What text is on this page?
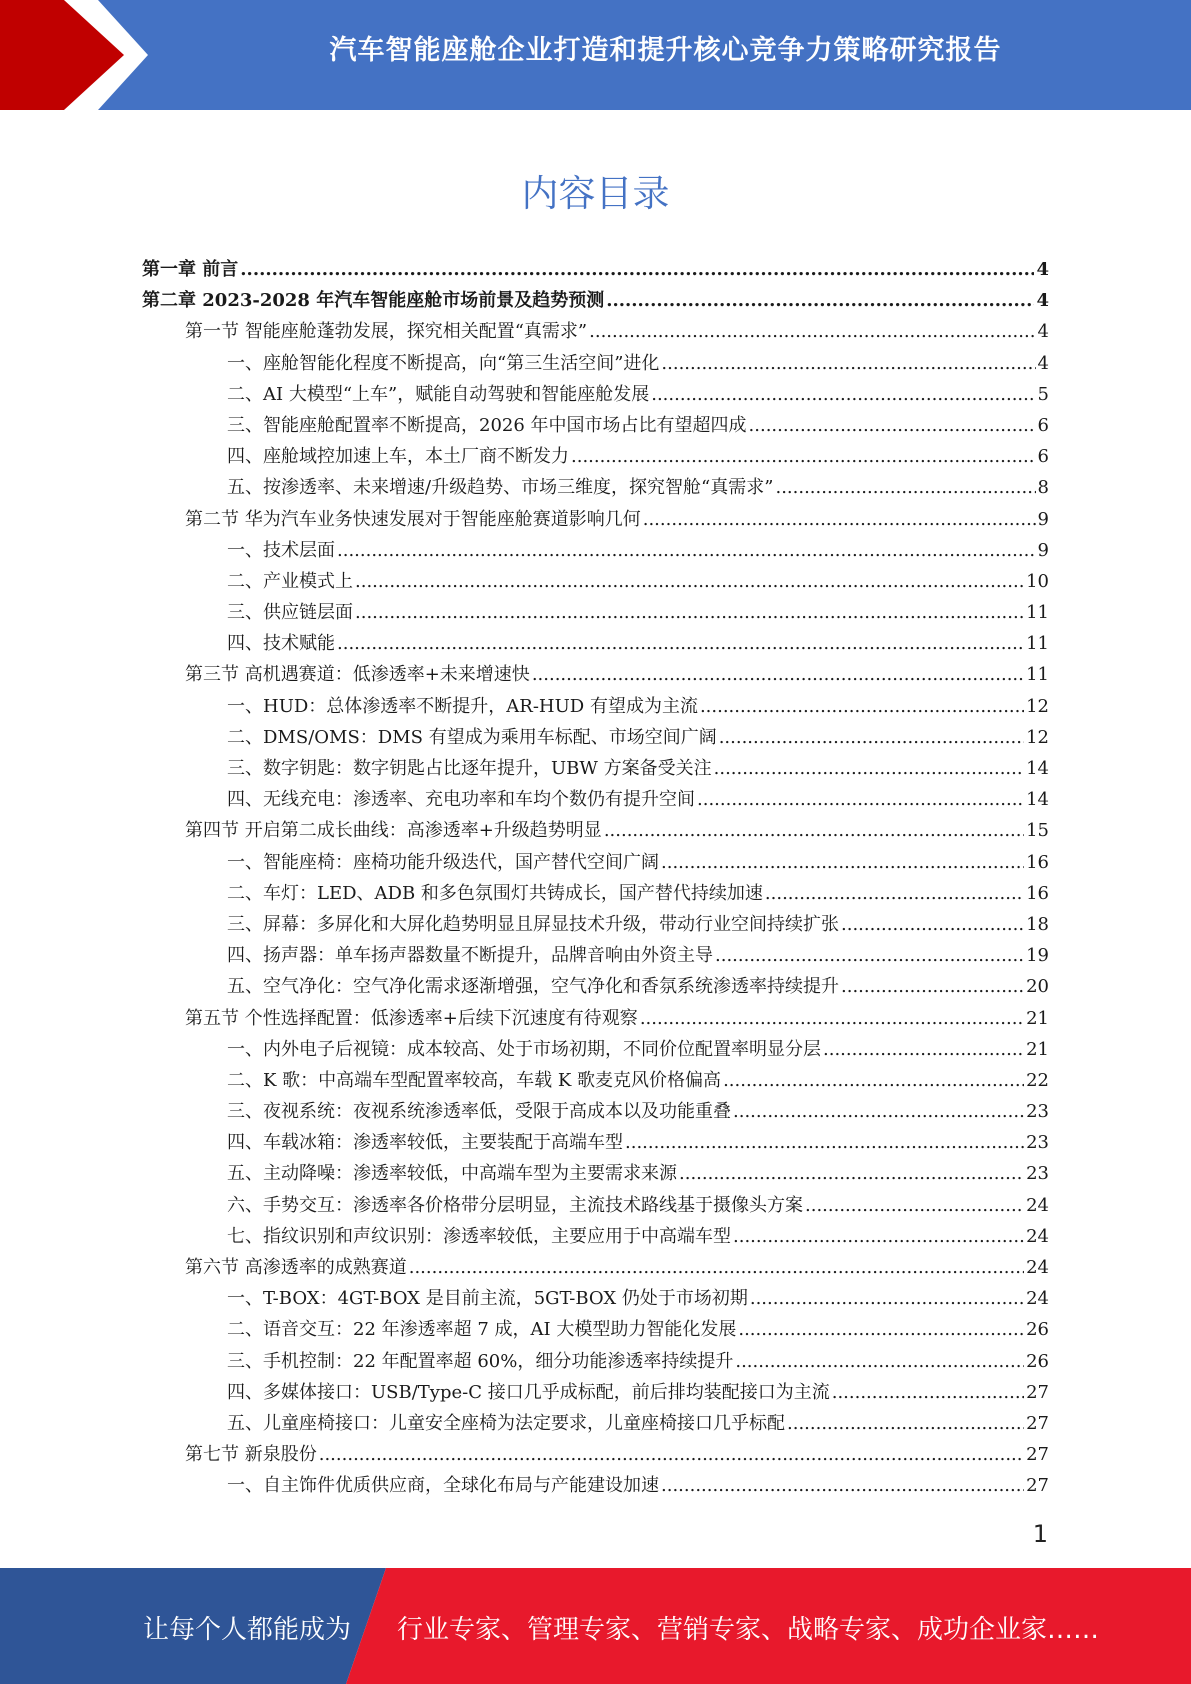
汽车智能座舱企业打造和提升核心竞争力策略研究报告
内容目录
第一章 前言 .....	4
第二章 2023-2028 年汽车智能座舱市场前景及趋势预测 .....	4
第一节 智能座舱蓬勃发展，探究相关配置“真需求” .....	4
一、座舱智能化程度不断提高，向“第三生活空间”进化 .....	4
二、AI 大模型“上车”，赋能自动驾驶和智能座舱发展 .....	5
三、智能座舱配置率不断提高，2026 年中国市场占比有望超四成 .....	6
四、座舱域控加速上车，本土厂商不断发力 .....	6
五、按渗透率、未来增速/升级趋势、市场三维度，探究智舱“真需求” .....	8
第二节 华为汽车业务快速发展对于智能座舱赛道影响几何 .....	9
一、技术层面 .....	9
二、产业模式上 .....	10
三、供应链层面 .....	11
四、技术赋能 .....	11
第三节 高机遇赛道：低渗透率+未来增速快 .....	11
一、HUD：总体渗透率不断提升，AR-HUD 有望成为主流 .....	12
二、DMS/OMS：DMS 有望成为乘用车标配、市场空间广阔 .....	12
三、数字钥匙：数字钥匙占比逐年提升，UBW 方案备受关注 .....	14
四、无线充电：渗透率、充电功率和车均个数仍有提升空间 .....	14
第四节 开启第二成长曲线：高渗透率+升级趋势明显 .....	15
一、智能座椅：座椅功能升级迭代，国产替代空间广阔 .....	16
二、车灯：LED、ADB 和多色氛围灯共铸成长，国产替代持续加速 .....	16
三、屏幕：多屏化和大屏化趋势明显且屏显技术升级，带动行业空间持续扩张 .....	18
四、扬声器：单车扬声器数量不断提升，品牌音响由外资主导 .....	19
五、空气净化：空气净化需求逐渐增强，空气净化和香氛系统渗透率持续提升 .....	20
第五节 个性选择配置：低渗透率+后续下沉速度有待观察 .....	21
一、内外电子后视镜：成本较高、处于市场初期，不同价位配置率明显分层 .....	21
二、K 歌：中高端车型配置率较高，车载 K 歌麦克风价格偏高 .....	22
三、夜视系统：夜视系统渗透率低，受限于高成本以及功能重叠 .....	23
四、车载冰箱：渗透率较低，主要装配于高端车型 .....	23
五、主动降噪：渗透率较低，中高端车型为主要需求来源 .....	23
六、手势交互：渗透率各价格带分层明显，主流技术路线基于摄像头方案 .....	24
七、指纹识别和声纹识别：渗透率较低，主要应用于中高端车型 .....	24
第六节 高渗透率的成熟赛道 .....	24
一、T-BOX：4GT-BOX 是目前主流，5GT-BOX 仍处于市场初期 .....	24
二、语音交互：22 年渗透率超 7 成，AI 大模型助力智能化发展 .....	26
三、手机控制：22 年配置率超 60%，细分功能渗透率持续提升 .....	26
四、多媒体接口：USB/Type-C 接口几乎成标配，前后排均装配接口为主流 .....	27
五、儿童座椅接口：儿童安全座椅为法定要求，儿童座椅接口几乎标配 .....	27
第七节 新泉股份 .....	27
一、自主饰件优质供应商，全球化布局与产能建设加速 .....	27
1
让每个人都能成为 行业专家、管理专家、营销专家、战略专家、成功企业家……
